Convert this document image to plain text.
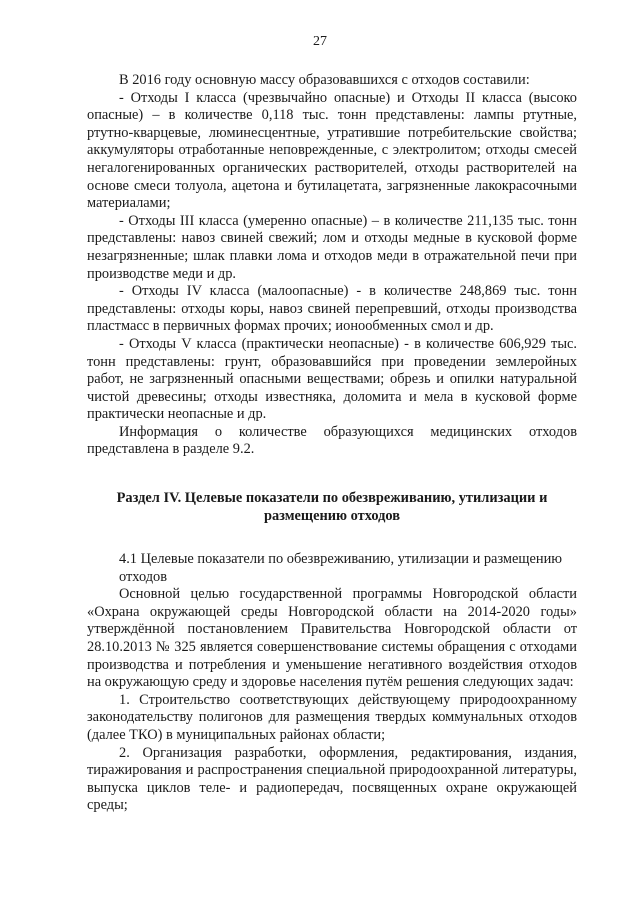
27

В 2016 году основную массу образовавшихся с отходов составили:

- Отходы I класса (чрезвычайно опасные) и Отходы II класса (высоко опасные) – в количестве 0,118 тыс. тонн представлены: лампы ртутные, ртутно-кварцевые, люминесцентные, утратившие потребительские свойства; аккумуляторы отработанные неповрежденные, с электролитом; отходы смесей негалогенированных органических растворителей, отходы растворителей на основе смеси толуола, ацетона и бутилацетата, загрязненные лакокрасочными материалами;

- Отходы III класса (умеренно опасные) – в количестве 211,135 тыс. тонн представлены: навоз свиней свежий; лом и отходы медные в кусковой форме незагрязненные; шлак плавки лома и отходов меди в отражательной печи при производстве меди и др.

- Отходы IV класса (малоопасные) - в количестве 248,869 тыс. тонн представлены: отходы коры, навоз свиней перепревший, отходы производства пластмасс в первичных формах прочих; ионообменных смол и др.

- Отходы V класса (практически неопасные) - в количестве 606,929 тыс. тонн представлены: грунт, образовавшийся при проведении землеройных работ, не загрязненный опасными веществами; обрезь и опилки натуральной чистой древесины; отходы известняка, доломита и мела в кусковой форме практически неопасные и др.

Информация о количестве образующихся медицинских отходов представлена в разделе 9.2.

Раздел IV. Целевые показатели по обезвреживанию, утилизации и размещению отходов

4.1 Целевые показатели по обезвреживанию, утилизации и размещению

отходов

Основной целью государственной программы Новгородской области «Охрана окружающей среды Новгородской области на 2014-2020 годы» утверждённой постановлением Правительства Новгородской области от 28.10.2013 № 325 является совершенствование системы обращения с отходами производства и потребления и уменьшение негативного воздействия отходов на окружающую среду и здоровье населения путём решения следующих задач:

1. Строительство соответствующих действующему природоохранному законодательству полигонов для размещения твердых коммунальных отходов (далее ТКО) в муниципальных районах области;

2. Организация разработки, оформления, редактирования, издания, тиражирования и распространения специальной природоохранной литературы, выпуска циклов теле- и радиопередач, посвященных охране окружающей среды;
